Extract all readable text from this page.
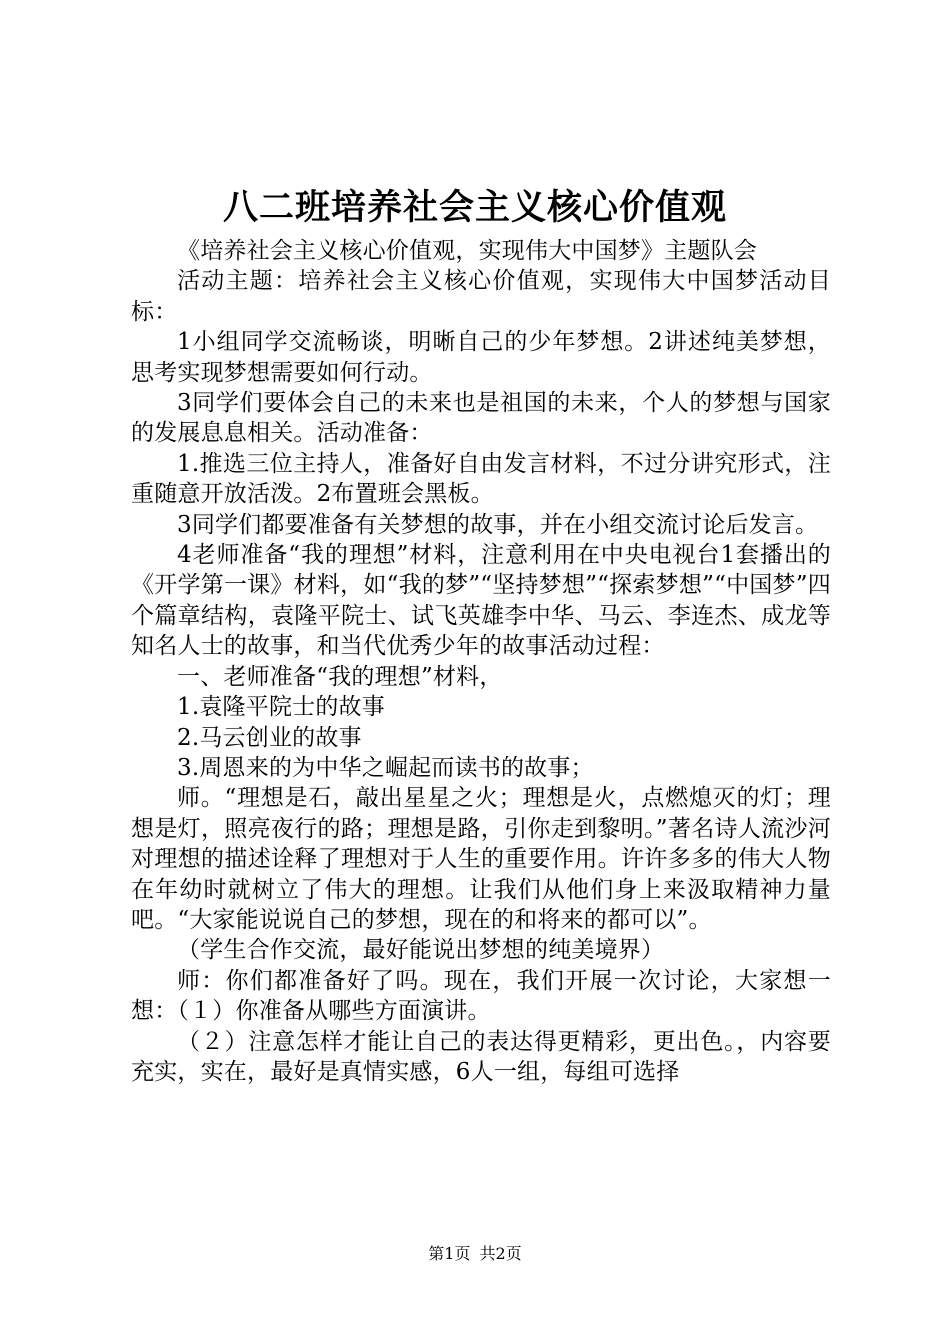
八二班培养社会主义核心价值观

《培养社会主义核心价值观，实现伟大中国梦》主题队会

活动主题：培养社会主义核心价值观，实现伟大中国梦活动目标：

1小组同学交流畅谈，明晰自己的少年梦想。2讲述纯美梦想，思考实现梦想需要如何行动。

3同学们要体会自己的未来也是祖国的未来，个人的梦想与国家的发展息息相关。活动准备：

1.推选三位主持人，准备好自由发言材料，不过分讲究形式，注重随意开放活泼。2布置班会黑板。

3同学们都要准备有关梦想的故事，并在小组交流讨论后发言。

4老师准备“我的理想”材料，注意利用在中央电视台1套播出的《开学第一课》材料，如“我的梦”“坚持梦想”“探索梦想”“中国梦”四个篇章结构，袁隆平院士、试飞英雄李中华、马云、李连杰、成龙等知名人士的故事，和当代优秀少年的故事活动过程：

一、老师准备“我的理想”材料，

1.袁隆平院士的故事

2.马云创业的故事

3.周恩来的为中华之崛起而读书的故事；

师。“理想是石，敲出星星之火；理想是火，点燃熄灭的灯；理想是灯，照亮夜行的路；理想是路，引你走到黎明。”著名诗人流沙河对理想的描述诠释了理想对于人生的重要作用。许许多多的伟大人物在年幼时就树立了伟大的理想。让我们从他们身上来汲取精神力量吧。“大家能说说自己的梦想，现在的和将来的都可以”。

（学生合作交流，最好能说出梦想的纯美境界）

师：你们都准备好了吗。现在，我们开展一次讨论，大家想一想：（１）你准备从哪些方面演讲。

（２）注意怎样才能让自己的表达得更精彩，更出色。，内容要充实，实在，最好是真情实感，6人一组，每组可选择

第1页 共2页
